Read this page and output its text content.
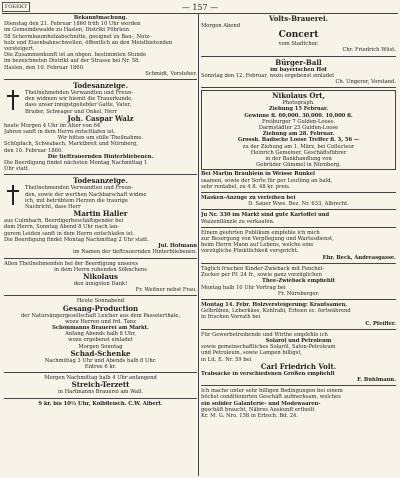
ГОБЕКТ	— 157 —

Bekanntmachung.

Dienstag den 21. Februar 1860 früh 10 Uhr werden

im Gemeindewalde zu Haslen, Distrikt Föhrlein

58 Schermbaumholzabschnitte, geeignet zu Bau-, Nutz-

holz und Eisenbahnschwellen, öffentlich an den Meistbietenden

versteigert.

Die Zusammenkunft ist an obgen. bestimmten Stunde

im bezeichneten Distrikt auf der Strasse bei Nr. 58.

Haslen, den 10. Februar 1860.

Schmidt, Vorsteher.

Todesanzeige.

Theilnehmenden Verwandten und Freun-

den widmen wir hiemit die Trauerkunde,

dass unser innigstgeliebter Gatte, Vater,

Bruder, Schwager und Onkel, Herr

Joh. Caspar Walz

heute Morgen 4 Uhr im Alter von 64

Jahren sanft in dem Herrn entschlafen ist.

Wir bitten um stille Theilnahme.

Schüpfach, Schwabach, Marktbreit und Nürnberg,

den 10. Februar 1860.

Die tieftrauernden Hinterbliebenen.

Die Beerdigung findet nächsten Montag Nachmittag 1

Uhr statt.

Todesanzeige.

Theilnehmenden Verwandten und Freun-

den, sowie der werthen Nachbarschaft widme

ich, mit betrübtem Herzen die traurige

Nachricht, dass Herr

Martin Haller

aus Culmbach, Beerdigerbeschäftigender bei

dem Herrn, Sonntag Abend 8 Uhr nach lan-

gerem Leiden sanft in dem Herrn entschlafen ist.

Die Beerdigung findet Montag Nachmittag 2 Uhr statt.

Jul. Hofmann

im Namen der tieftrauernden Hinterbliebenen.

Allen Theilnehmenden bei der Beerdigung unseres

in dem Herrn ruhenden Söhnchens

Nikolaus

den innigsten Dank!

Fr. Weitner nebst Frau.

Heute Sonnabend

Gesang-Production

der Natursängergesellschaft Leicher aus dem Passeierthale,

wozu Herren und frd. Tanz

Schönmanns Brauerei am Markt.

Anfang Abends halb 8 Uhr,

wozu ergebenst einladet

Morgen Sonntag

Schad-Schenke

Nachmittag 3 Uhr und Abends halb 8 Uhr.

Entree 6 kr.

Morgen Nachmittag halb 4 Uhr anfangend

Streich-Terzett

in Hartmanns Brauerei am Wall.

9 kr. bis 10½ Uhr, Kolbfleisch. C.W. Albert.

Volts-Brauerei.

Morgen Abend

Concert

vom Stadtchor.

Chr. Friedrich Wüst.

Bürger-Ball

im bayerischen Hof

Sonntag den 12. Februar, wozu ergebenst einladet

Ch. Ungerer, Vorstand.

Nikolaus Ort,

Photograph.

Ziehung 15 Februar.

Gewinne fl. 60,000. 30,000. 10,000 fl.

Freiburger 7 Gulden-Loose.

Darmstädter 25 Gulden-Loose

Ziehung am 28. Februar.

Grossh. Badische Loose Treffer fl. 3, 56 —

zu der Ziehung am 1. März, bei Collecteur

Heinrich Gemeiner, Geschäftsführer

in der Bankhandlung von

Gebrüder Gümmel in Nürnberg.

Bei Martin Bräuhlein in Weisse Runkel

saamen, sowie der Sorte für per Leutling an bald,

sehr rentabel, zu 4 fl. 48 kr. preis.

Masken-Anzüge zu verleihen bei

D. Sauer Wwe. Bez. Nr. 633, Albrecht.

Ju Nr. 330 im Markt sind gute Kartoffel und

Waizenflänzle zu verkaufen.

Einem geehrten Publikum empfehle ich mich

zur Besorgung von Verpflegung und Wartesdienst,

beim Herrn Mann auf Lebens, welche eine

vorzügliche Pünktlichkeit verspricht.

Ehr. Beck, Andreasgasse.

Täglich frischen Kinder-Zwieback mit Fenchel-

Zucker per Pf. 24 fr., sowie ganz vorzüglichen

Thee-Zwieback empfiehlt

Montag halb 10 Uhr Vortrag bei

Fr. Nürnberger.

Montag 14. Febr. Holzversteigerung: Krautsamen,

Gelbrüben, Leberkäse, Kohlrabi, Erbsen ec. fortwährend

in frischen Vorrath bei

C. Pfeiffer.

Für Gewerbetreibende und Wirthe empfehle ich

Solaröl und Petroleum

sowie gemeinschaftliches Solaröl, Salon-Petroleum

und Petroleum, sowie Lampen billigst,

in Lit. E. Nr. 59 bei

Carl Friedrich Volt.

Trabsäcke in verschiedenen Größen empfiehlt

F. Bühlmann.

Ich mache unter sehr billigen Bedingungen bei einem

höchst conditionirten Geschäft aufmerksam, welches

ein solider Galanterie- und Modewaaren-

geschäft braucht, Nähres Auskunft ertheilt

Kr. M. G. Nro. 158 in Erbsch. Bd. 24.
